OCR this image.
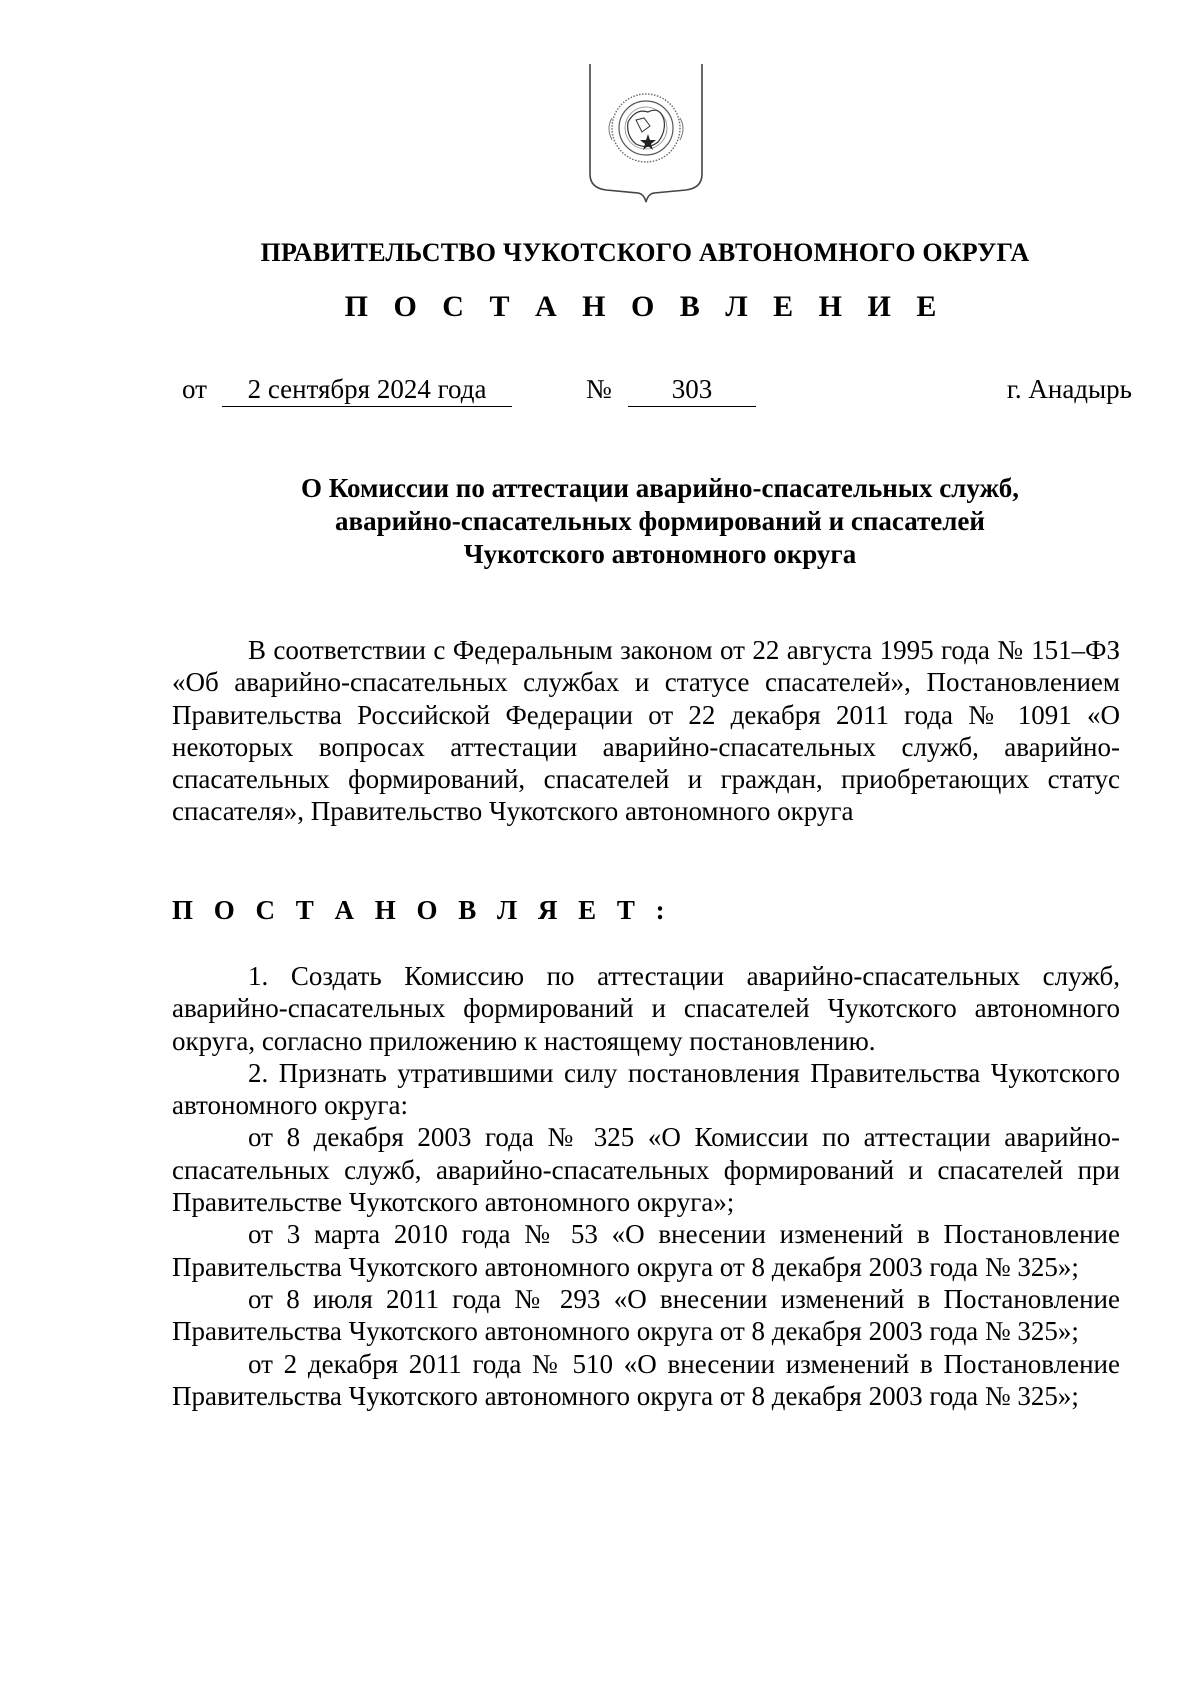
ПРАВИТЕЛЬСТВО ЧУКОТСКОГО АВТОНОМНОГО ОКРУГА
П О С Т А Н О В Л Е Н И Е
от	2 сентября 2024 года	№	303	г. Анадырь
О Комиссии по аттестации аварийно-спасательных служб,
аварийно-спасательных формирований и спасателей
Чукотского автономного округа

В соответствии с Федеральным законом от 22 августа 1995 года № 151–ФЗ «Об аварийно-спасательных службах и статусе спасателей», Постановлением Правительства Российской Федерации от 22 декабря 2011 года № 1091 «О некоторых вопросах аттестации аварийно-спасательных служб, аварийно-спасательных формирований, спасателей и граждан, приобретающих статус спасателя», Правительство Чукотского автономного округа

П О С Т А Н О В Л Я Е Т :

1. Создать Комиссию по аттестации аварийно-спасательных служб, аварийно-спасательных формирований и спасателей Чукотского автономного округа, согласно приложению к настоящему постановлению.

2. Признать утратившими силу постановления Правительства Чукотского автономного округа:

от 8 декабря 2003 года № 325 «О Комиссии по аттестации аварийно-спасательных служб, аварийно-спасательных формирований и спасателей при Правительстве Чукотского автономного округа»;

от 3 марта 2010 года № 53 «О внесении изменений в Постановление Правительства Чукотского автономного округа от 8 декабря 2003 года № 325»;

от 8 июля 2011 года № 293 «О внесении изменений в Постановление Правительства Чукотского автономного округа от 8 декабря 2003 года № 325»;

от 2 декабря 2011 года № 510 «О внесении изменений в Постановление Правительства Чукотского автономного округа от 8 декабря 2003 года № 325»;
